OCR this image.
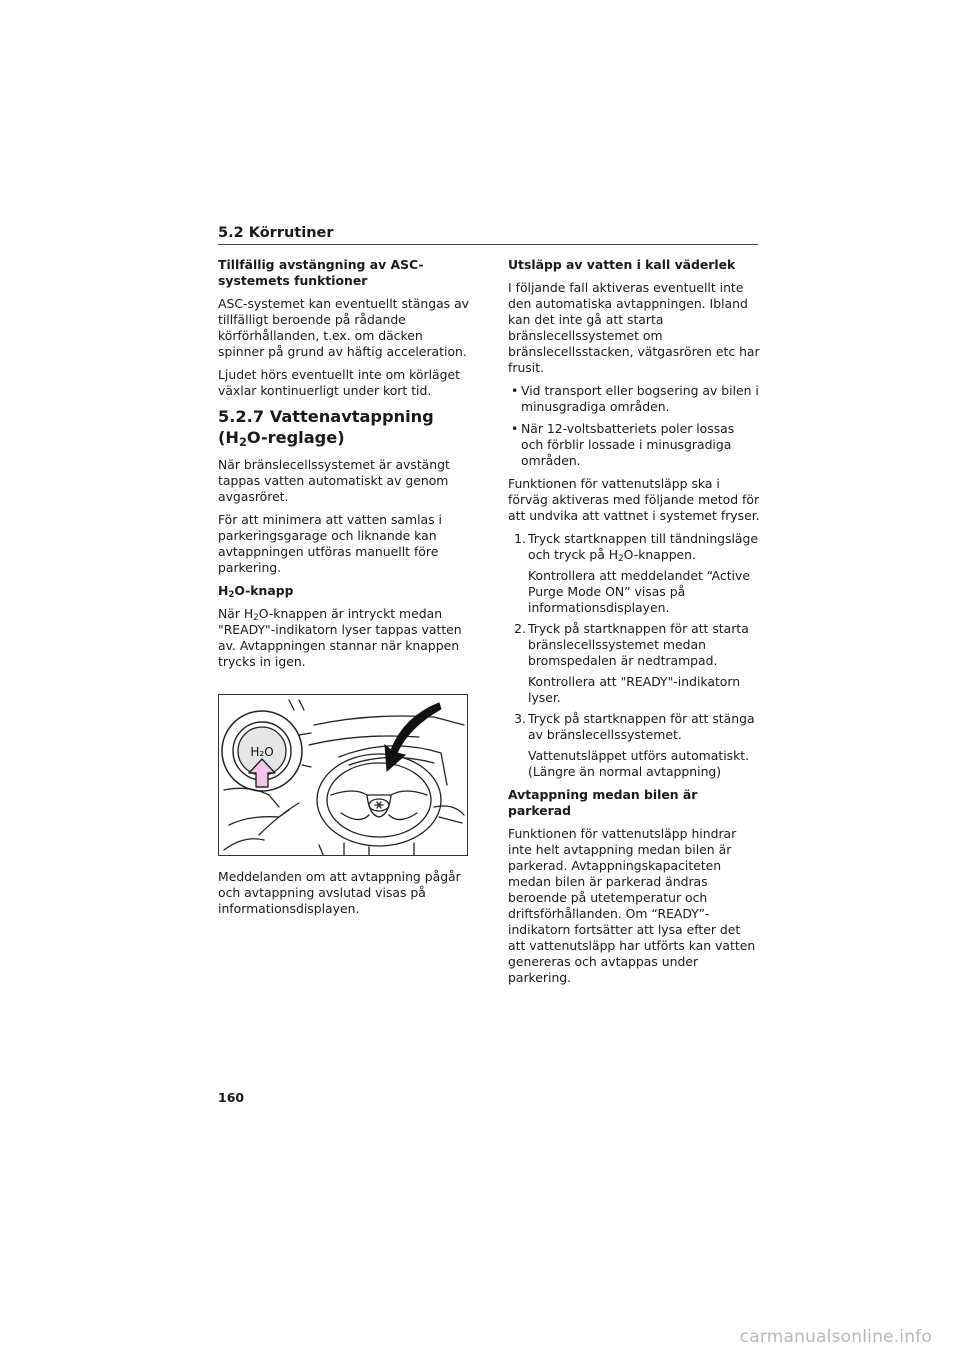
5.2 Körrutiner
Tillfällig avstängning av ASC-systemets funktioner

ASC-systemet kan eventuellt stängas av tillfälligt beroende på rådande körförhållanden, t.ex. om däcken spinner på grund av häftig acceleration.

Ljudet hörs eventuellt inte om körläget växlar kontinuerligt under kort tid.

5.2.7 Vattenavtappning
$(H_2O-reglage)$

När bränslecellssystemet är avstängt tappas vatten automatiskt av genom avgasröret.

För att minimera att vatten samlas i parkeringsgarage och liknande kan avtappningen utföras manuellt före parkering.

$H_2O$-knapp

När $H_2O$-knappen är intryckt medan "READY"-indikatorn lyser tappas vatten av. Avtappningen stannar när knappen trycks in igen.

H₂O

Meddelanden om att avtappning pågår och avtappning avslutad visas på informationsdisplayen.

Utsläpp av vatten i kall väderlek

I följande fall aktiveras eventuellt inte den automatiska avtappningen. Ibland kan det inte gå att starta bränslecellssystemet om bränslecellsstacken, vätgasrören etc har frusit.

• Vid transport eller bogsering av bilen i minusgradiga områden.
• När 12-voltsbatteriets poler lossas och förblir lossade i minusgradiga områden.

Funktionen för vattenutsläpp ska i förväg aktiveras med följande metod för att undvika att vattnet i systemet fryser.

1. Tryck startknappen till tändningsläge och tryck på $H_2O$-knappen.
Kontrollera att meddelandet “Active Purge Mode ON” visas på informationsdisplayen.
2. Tryck på startknappen för att starta bränslecellssystemet medan bromspedalen är nedtrampad.
Kontrollera att "READY"-indikatorn lyser.
3. Tryck på startknappen för att stänga av bränslecellssystemet.
Vattenutsläppet utförs automatiskt. (Längre än normal avtappning)
Avtappning medan bilen är parkerad

Funktionen för vattenutsläpp hindrar inte helt avtappning medan bilen är parkerad. Avtappningskapaciteten medan bilen är parkerad ändras beroende på utetemperatur och driftsförhållanden. Om “READY”-indikatorn fortsätter att lysa efter det att vattenutsläpp har utförts kan vatten genereras och avtappas under parkering.

160
carmanualsonline.info
